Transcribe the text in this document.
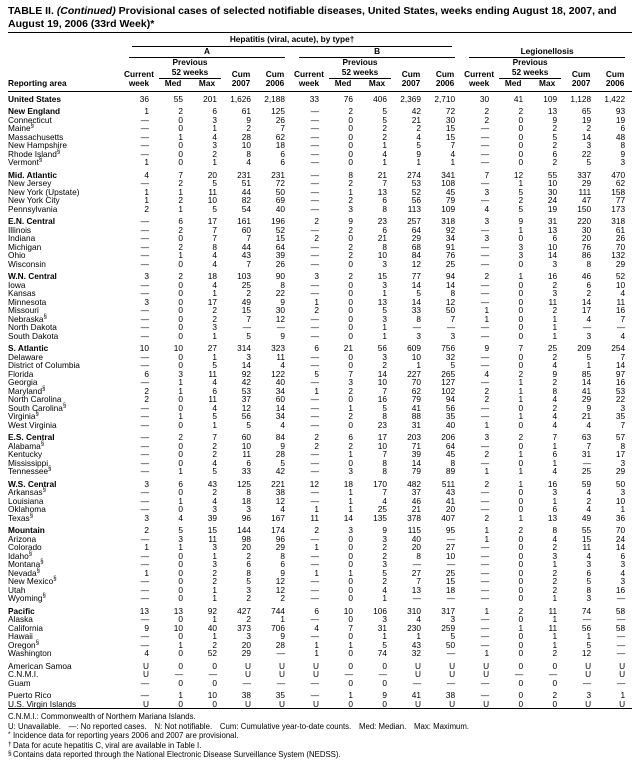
TABLE II. (Continued) Provisional cases of selected notifiable diseases, United States, weeks ending August 18, 2007, and August 19, 2006 (33rd Week)*

	Hepatitis (viral, acute), by type†														

	A					B					Legionellosis				

		Previous					Previous					Previous			
	Current	52 weeks		Cum	Cum	Current	52 weeks		Cum	Cum	Current	52 weeks		Cum	Cum
Reporting area	week	Med	Max	2007	2006	week	Med	Max	2007	2006	week	Med	Max	2007	2006
United States	36	55	201	1,626	2,188	33	76	406	2,369	2,710	30	41	109	1,128	1,422
New England	1	2	6	61	125	—	2	5	42	72	2	2	13	65	93
Connecticut	—	0	3	9	26	—	0	5	21	30	2	0	9	19	19
Maine§	—	0	1	2	7	—	0	2	2	15	—	0	2	2	6
Massachusetts	—	1	4	28	62	—	0	2	4	15	—	0	5	14	48
New Hampshire	—	0	3	10	18	—	0	1	5	7	—	0	2	3	8
Rhode Island§	—	0	2	8	6	—	0	4	9	4	—	0	6	22	9
Vermont§	1	0	1	4	6	—	0	1	1	1	—	0	2	5	3
Mid. Atlantic	4	7	20	231	231	—	8	21	274	341	7	12	55	337	470
New Jersey	—	2	5	51	72	—	2	7	53	108	—	1	10	29	62
New York (Upstate)	1	1	11	44	50	—	1	13	52	45	3	5	30	111	158
New York City	1	2	10	82	69	—	2	6	56	79	—	2	24	47	77
Pennsylvania	2	1	5	54	40	—	3	8	113	109	4	5	19	150	173
E.N. Central	—	6	17	161	196	2	9	23	257	318	3	9	31	220	318
Illinois	—	2	7	60	52	—	2	6	64	92	—	1	13	30	61
Indiana	—	0	7	7	15	2	0	21	29	34	3	0	6	20	26
Michigan	—	2	8	44	64	—	2	8	68	91	—	3	10	76	70
Ohio	—	1	4	43	39	—	2	10	84	76	—	3	14	86	132
Wisconsin	—	0	4	7	26	—	0	3	12	25	—	0	3	8	29
W.N. Central	3	2	18	103	90	3	2	15	77	94	2	1	16	46	52
Iowa	—	0	4	25	8	—	0	3	14	14	—	0	2	6	10
Kansas	—	0	1	2	22	—	0	1	5	8	—	0	3	2	4
Minnesota	3	0	17	49	9	1	0	13	14	12	—	0	11	14	11
Missouri	—	0	2	15	30	2	0	5	33	50	1	0	2	17	16
Nebraska§	—	0	2	7	12	—	0	3	8	7	1	0	1	4	7
North Dakota	—	0	3	—	—	—	0	1	—	—	—	0	1	—	—
South Dakota	—	0	1	5	9	—	0	1	3	3	—	0	1	3	4
S. Atlantic	10	10	27	314	323	6	21	56	609	756	9	7	25	209	254
Delaware	—	0	1	3	11	—	0	3	10	32	—	0	2	5	7
District of Columbia	—	0	5	14	4	—	0	2	1	5	—	0	4	1	14
Florida	6	3	11	92	122	5	7	14	227	265	4	2	9	85	97
Georgia	—	1	4	42	40	—	3	10	70	127	—	1	2	14	16
Maryland§	2	1	6	53	34	1	2	7	62	102	2	1	8	41	53
North Carolina	2	0	11	37	60	—	0	16	79	94	2	1	4	29	22
South Carolina§	—	0	4	12	14	—	1	5	41	56	—	0	2	9	3
Virginia§	—	1	5	56	34	—	2	8	88	35	—	1	4	21	35
West Virginia	—	0	1	5	4	—	0	23	31	40	1	0	4	4	7
E.S. Central	—	2	7	60	84	2	6	17	203	206	3	2	7	63	57
Alabama§	—	0	2	10	9	2	2	10	71	64	—	0	1	7	8
Kentucky	—	0	2	11	28	—	1	7	39	45	2	1	6	31	17
Mississippi	—	0	4	6	5	—	0	8	14	8	—	0	1	—	3
Tennessee§	—	1	5	33	42	—	3	8	79	89	1	1	4	25	29
W.S. Central	3	6	43	125	221	12	18	170	482	511	2	1	16	59	50
Arkansas§	—	0	2	8	38	—	1	7	37	43	—	0	3	4	3
Louisiana	—	1	4	18	12	—	1	4	46	41	—	0	1	2	10
Oklahoma	—	0	3	3	4	1	1	25	21	20	—	0	6	4	1
Texas§	3	4	39	96	167	11	14	135	378	407	2	1	13	49	36
Mountain	2	5	15	144	174	2	3	9	115	95	1	2	8	55	70
Arizona	—	3	11	98	96	—	0	3	40	—	1	0	4	15	24
Colorado	1	1	3	20	29	1	0	2	20	27	—	0	2	11	14
Idaho§	—	0	1	2	8	—	0	2	8	10	—	0	3	4	6
Montana§	—	0	3	6	6	—	0	3	—	—	—	0	1	3	3
Nevada§	1	0	2	8	9	1	1	5	27	25	—	0	2	6	4
New Mexico§	—	0	2	5	12	—	0	2	7	15	—	0	2	5	3
Utah	—	0	1	3	12	—	0	4	13	18	—	0	2	8	16
Wyoming§	—	0	1	2	2	—	0	1	—	—	—	0	1	3	—
Pacific	13	13	92	427	744	6	10	106	310	317	1	2	11	74	58
Alaska	—	0	1	2	1	—	0	3	4	3	—	0	1	—	—
California	9	10	40	373	706	4	7	31	230	259	—	1	11	56	58
Hawaii	—	0	1	3	9	—	0	1	1	5	—	0	1	1	—
Oregon§	—	1	2	20	28	1	1	5	43	50	—	0	1	5	—
Washington	4	0	52	29	—	1	0	74	32	—	1	0	2	12	—
American Samoa	U	0	0	U	U	U	0	0	U	U	U	0	0	U	U
C.N.M.I.	U	—	—	U	U	U	—	—	U	U	U	—	—	U	U
Guam	—	0	0	—	—	—	0	0	—	—	—	0	0	—	—
Puerto Rico	—	1	10	38	35	—	1	9	41	38	—	0	2	3	1
U.S. Virgin Islands	U	0	0	U	U	U	0	0	U	U	U	0	0	U	U
C.N.M.I.: Commonwealth of Northern Mariana Islands.
U: Unavailable. —: No reported cases. N: Not notifiable. Cum: Cumulative year-to-date counts. Med: Median. Max: Maximum.
* Incidence data for reporting years 2006 and 2007 are provisional.
†Data for acute hepatitis C, viral are available in Table I.
§Contains data reported through the National Electronic Disease Surveillance System (NEDSS).
